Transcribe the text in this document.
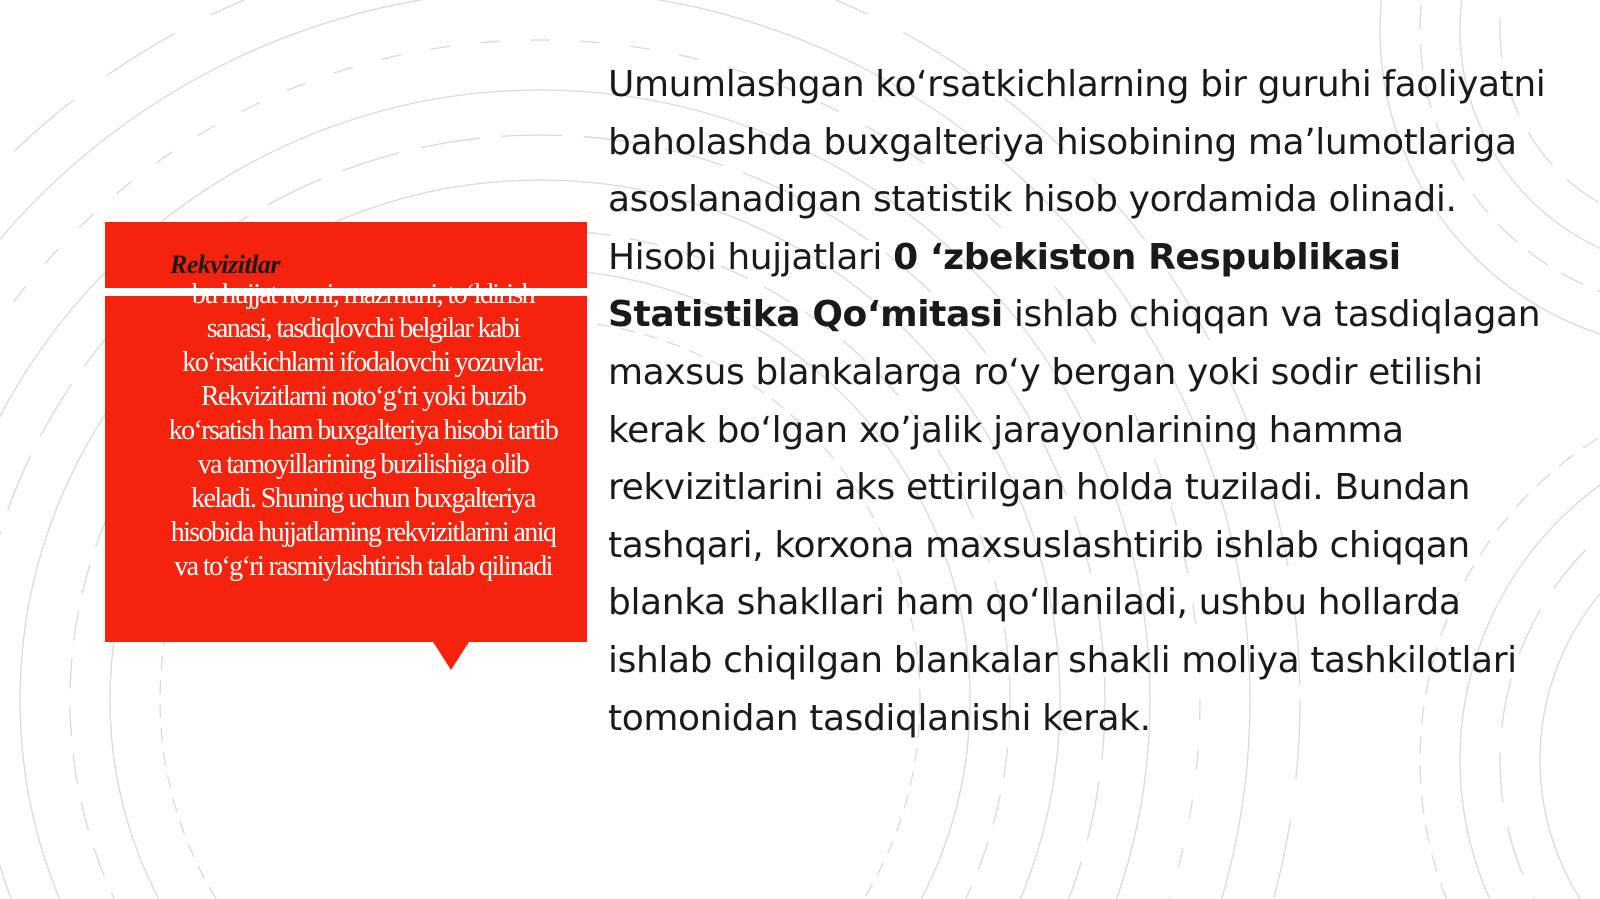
Rekvizitlar

bu hujjat nomi, mazmuni, to‘ldirish sanasi, tasdiqlovchi belgilar kabi ko‘rsatkichlarni ifodalovchi yozuvlar. Rekvizitlarni noto‘g‘ri yoki buzib ko‘rsatish ham buxgalteriya hisobi tartib va tamoyillarining buzilishiga olib keladi. Shuning uchun buxgalteriya hisobida hujjatlarning rekvizitlarini aniq va to‘g‘ri rasmiylashtirish talab qilinadi

Umumlashgan ko‘rsatkichlarning bir guruhi faoliyatni baholashda buxgalteriya hisobining ma’lumotlariga asoslanadigan statistik hisob yordamida olinadi. Hisobi hujjatlari 0 ‘zbekiston Respublikasi Statistika Qo‘mitasi ishlab chiqqan va tasdiqlagan maxsus blankalarga ro‘y bergan yoki sodir etilishi kerak bo‘lgan xo’jalik jarayonlarining hamma rekvizitlarini aks ettirilgan holda tuziladi. Bundan tashqari, korxona maxsuslashtirib ishlab chiqqan blanka shakllari ham qo‘llaniladi, ushbu hollarda ishlab chiqilgan blankalar shakli moliya tashkilotlari tomonidan tasdiqlanishi kerak.
